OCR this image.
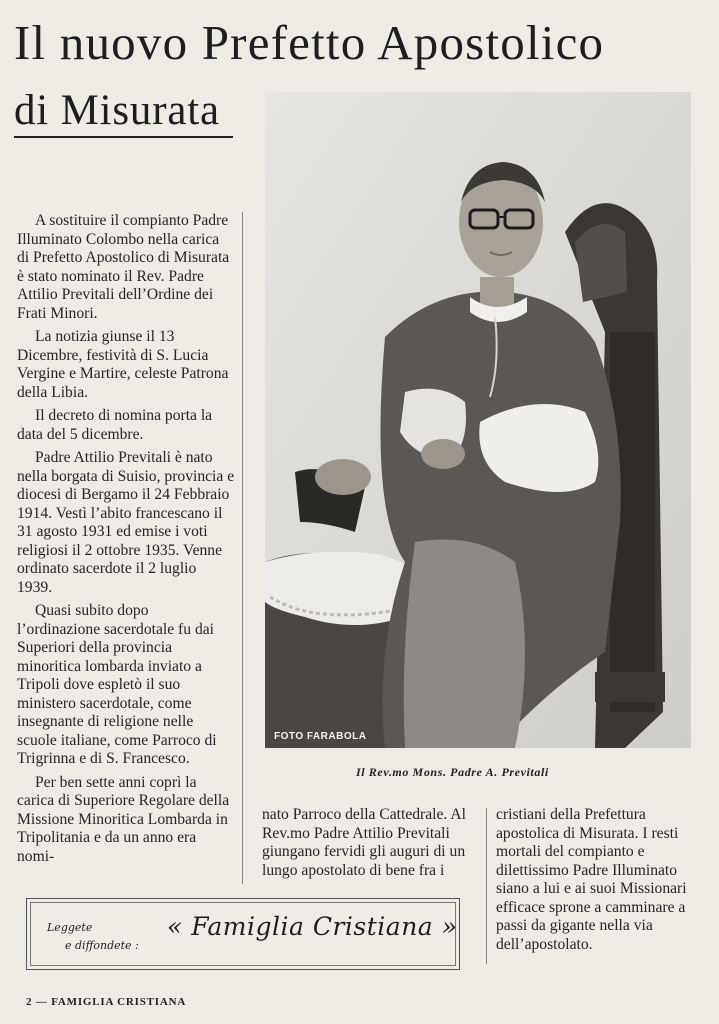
Il nuovo Prefetto Apostolico
di Misurata

A sostituire il compianto Padre Illuminato Colombo nella carica di Prefetto Apostolico di Misurata è stato nominato il Rev. Padre Attilio Previtali dell’Ordine dei Frati Minori.

La notizia giunse il 13 Dicembre, festività di S. Lucia Vergine e Martire, celeste Patrona della Libia.

Il decreto di nomina porta la data del 5 dicembre.

Padre Attilio Previtali è nato nella borgata di Suisio, provincia e diocesi di Bergamo il 24 Febbraio 1914. Vestì l’abito francescano il 31 agosto 1931 ed emise i voti religiosi il 2 ottobre 1935. Venne ordinato sacerdote il 2 luglio 1939.

Quasi subito dopo l’ordinazione sacerdotale fu dai Superiori della provincia minoritica lombarda inviato a Tripoli dove espletò il suo ministero sacerdotale, come insegnante di religione nelle scuole italiane, come Parroco di Trigrinna e di S. Francesco.

Per ben sette anni coprì la carica di Superiore Regolare della Missione Minoritica Lombarda in Tripolitania e da un anno era nomi-

FOTO FARABOLA
Il Rev.mo Mons. Padre A. Previtali

nato Parroco della Cattedrale. Al Rev.mo Padre Attilio Previtali giungano fervidi gli auguri di un lungo apostolato di bene fra i

cristiani della Prefettura apostolica di Misurata. I resti mortali del compianto e dilettissimo Padre Illuminato siano a lui e ai suoi Missionari efficace sprone a camminare a passi da gigante nella via dell’apostolato.

Leggete
e diffondete :
« Famiglia Cristiana »
2 — FAMIGLIA CRISTIANA
